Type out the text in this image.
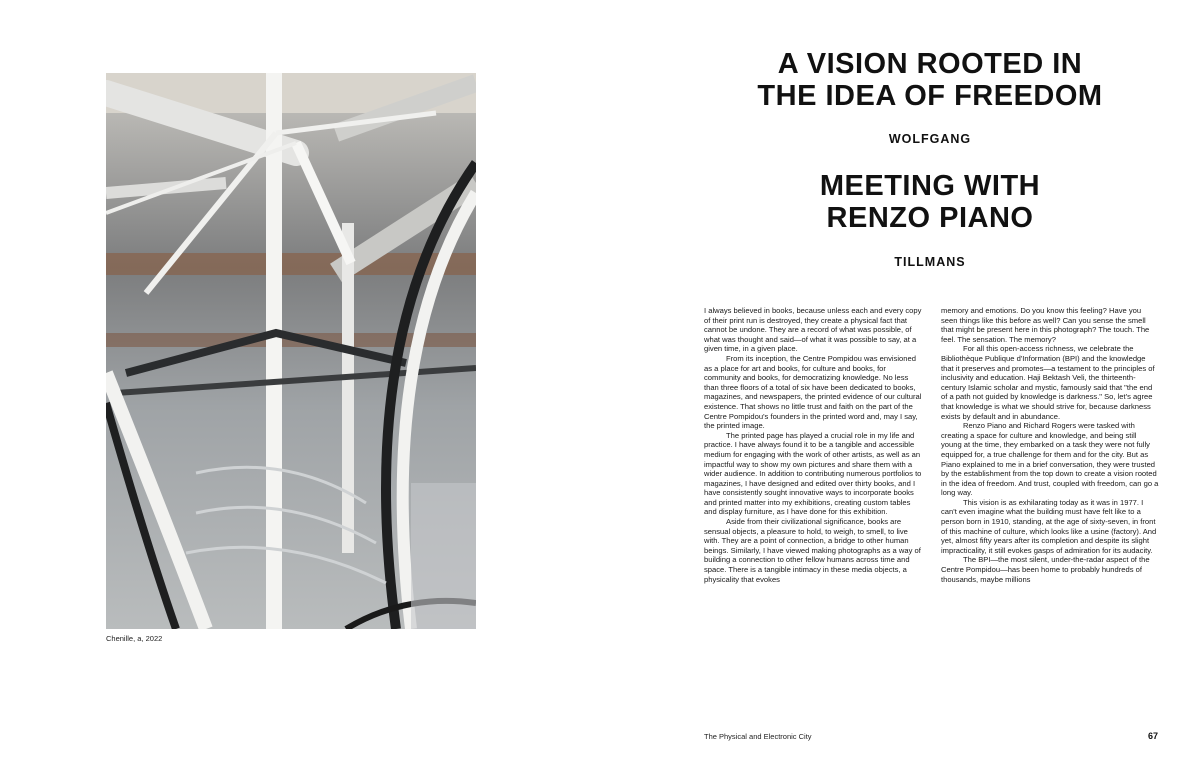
Chenille, a, 2022
A VISION ROOTED IN
THE IDEA OF FREEDOM
WOLFGANG
MEETING WITH
RENZO PIANO
TILLMANS

I always believed in books, because unless each and every copy of their print run is destroyed, they create a physical fact that cannot be undone. They are a record of what was possible, of what was thought and said—of what it was possible to say, at a given time, in a given place.

From its inception, the Centre Pompidou was envisioned as a place for art and books, for culture and books, for community and books, for democratizing knowledge. No less than three floors of a total of six have been dedicated to books, magazines, and newspapers, the printed evidence of our cultural existence. That shows no little trust and faith on the part of the Centre Pompidou's founders in the printed word and, may I say, the printed image.

The printed page has played a crucial role in my life and practice. I have always found it to be a tangible and accessible medium for engaging with the work of other artists, as well as an impactful way to show my own pictures and share them with a wider audience. In addition to contributing numerous portfolios to magazines, I have designed and edited over thirty books, and I have consistently sought innovative ways to incorporate books and printed matter into my exhibitions, creating custom tables and display furniture, as I have done for this exhibition.

Aside from their civilizational significance, books are sensual objects, a pleasure to hold, to weigh, to smell, to live with. They are a point of connection, a bridge to other human beings. Similarly, I have viewed making photographs as a way of building a connection to other fellow humans across time and space. There is a tangible intimacy in these media objects, a physicality that evokes

memory and emotions. Do you know this feeling? Have you seen things like this before as well? Can you sense the smell that might be present here in this photograph? The touch. The feel. The sensation. The memory?

For all this open-access richness, we celebrate the Bibliothèque Publique d'Information (BPI) and the knowledge that it preserves and promotes—a testament to the principles of inclusivity and education. Haji Bektash Veli, the thirteenth-century Islamic scholar and mystic, famously said that "the end of a path not guided by knowledge is darkness." So, let's agree that knowledge is what we should strive for, because darkness exists by default and in abundance.

Renzo Piano and Richard Rogers were tasked with creating a space for culture and knowledge, and being still young at the time, they embarked on a task they were not fully equipped for, a true challenge for them and for the city. But as Piano explained to me in a brief conversation, they were trusted by the establishment from the top down to create a vision rooted in the idea of freedom. And trust, coupled with freedom, can go a long way.

This vision is as exhilarating today as it was in 1977. I can't even imagine what the building must have felt like to a person born in 1910, standing, at the age of sixty-seven, in front of this machine of culture, which looks like a usine (factory). And yet, almost fifty years after its completion and despite its slight impracticality, it still evokes gasps of admiration for its audacity.

The BPI—the most silent, under-the-radar aspect of the Centre Pompidou—has been home to probably hundreds of thousands, maybe millions

The Physical and Electronic City	67
